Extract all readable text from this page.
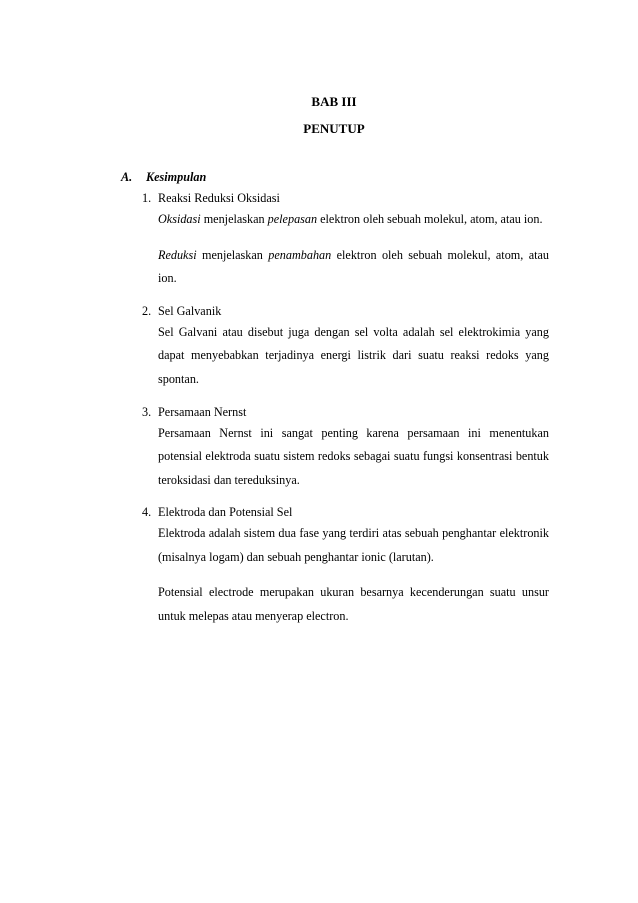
BAB III
PENUTUP
A.	Kesimpulan
1. Reaksi Reduksi Oksidasi

Oksidasi menjelaskan pelepasan elektron oleh sebuah molekul, atom, atau ion.

Reduksi menjelaskan penambahan elektron oleh sebuah molekul, atom, atau ion.

2. Sel Galvanik

Sel Galvani atau disebut juga dengan sel volta adalah sel elektrokimia yang dapat menyebabkan terjadinya energi listrik dari suatu reaksi redoks yang spontan.

3. Persamaan Nernst

Persamaan Nernst ini sangat penting karena persamaan ini menentukan potensial elektroda suatu sistem redoks sebagai suatu fungsi konsentrasi bentuk teroksidasi dan tereduksinya.

4. Elektroda dan Potensial Sel

Elektroda adalah sistem dua fase yang terdiri atas sebuah penghantar elektronik (misalnya logam) dan sebuah penghantar ionic (larutan).

Potensial electrode merupakan ukuran besarnya kecenderungan suatu unsur untuk melepas atau menyerap electron.
